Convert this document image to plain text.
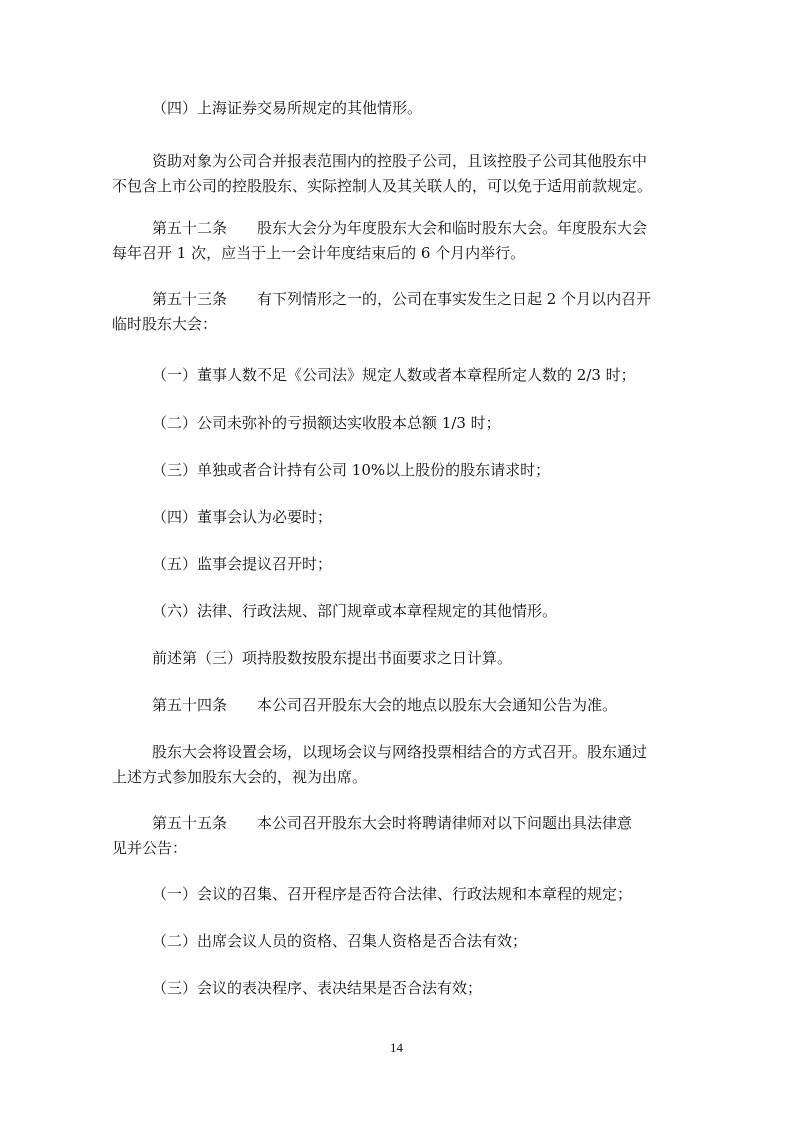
（四）上海证券交易所规定的其他情形。
资助对象为公司合并报表范围内的控股子公司，且该控股子公司其他股东中
不包含上市公司的控股股东、实际控制人及其关联人的，可以免于适用前款规定。
第五十二条 股东大会分为年度股东大会和临时股东大会。年度股东大会
每年召开 1 次，应当于上一会计年度结束后的 6 个月内举行。
第五十三条 有下列情形之一的，公司在事实发生之日起 2 个月以内召开
临时股东大会：
（一）董事人数不足《公司法》规定人数或者本章程所定人数的 2/3 时；
（二）公司未弥补的亏损额达实收股本总额 1/3 时；
（三）单独或者合计持有公司 10%以上股份的股东请求时；
（四）董事会认为必要时；
（五）监事会提议召开时；
（六）法律、行政法规、部门规章或本章程规定的其他情形。
前述第（三）项持股数按股东提出书面要求之日计算。
第五十四条 本公司召开股东大会的地点以股东大会通知公告为准。
股东大会将设置会场，以现场会议与网络投票相结合的方式召开。股东通过
上述方式参加股东大会的，视为出席。
第五十五条 本公司召开股东大会时将聘请律师对以下问题出具法律意
见并公告：
（一）会议的召集、召开程序是否符合法律、行政法规和本章程的规定；
（二）出席会议人员的资格、召集人资格是否合法有效；
（三）会议的表决程序、表决结果是否合法有效；
14
